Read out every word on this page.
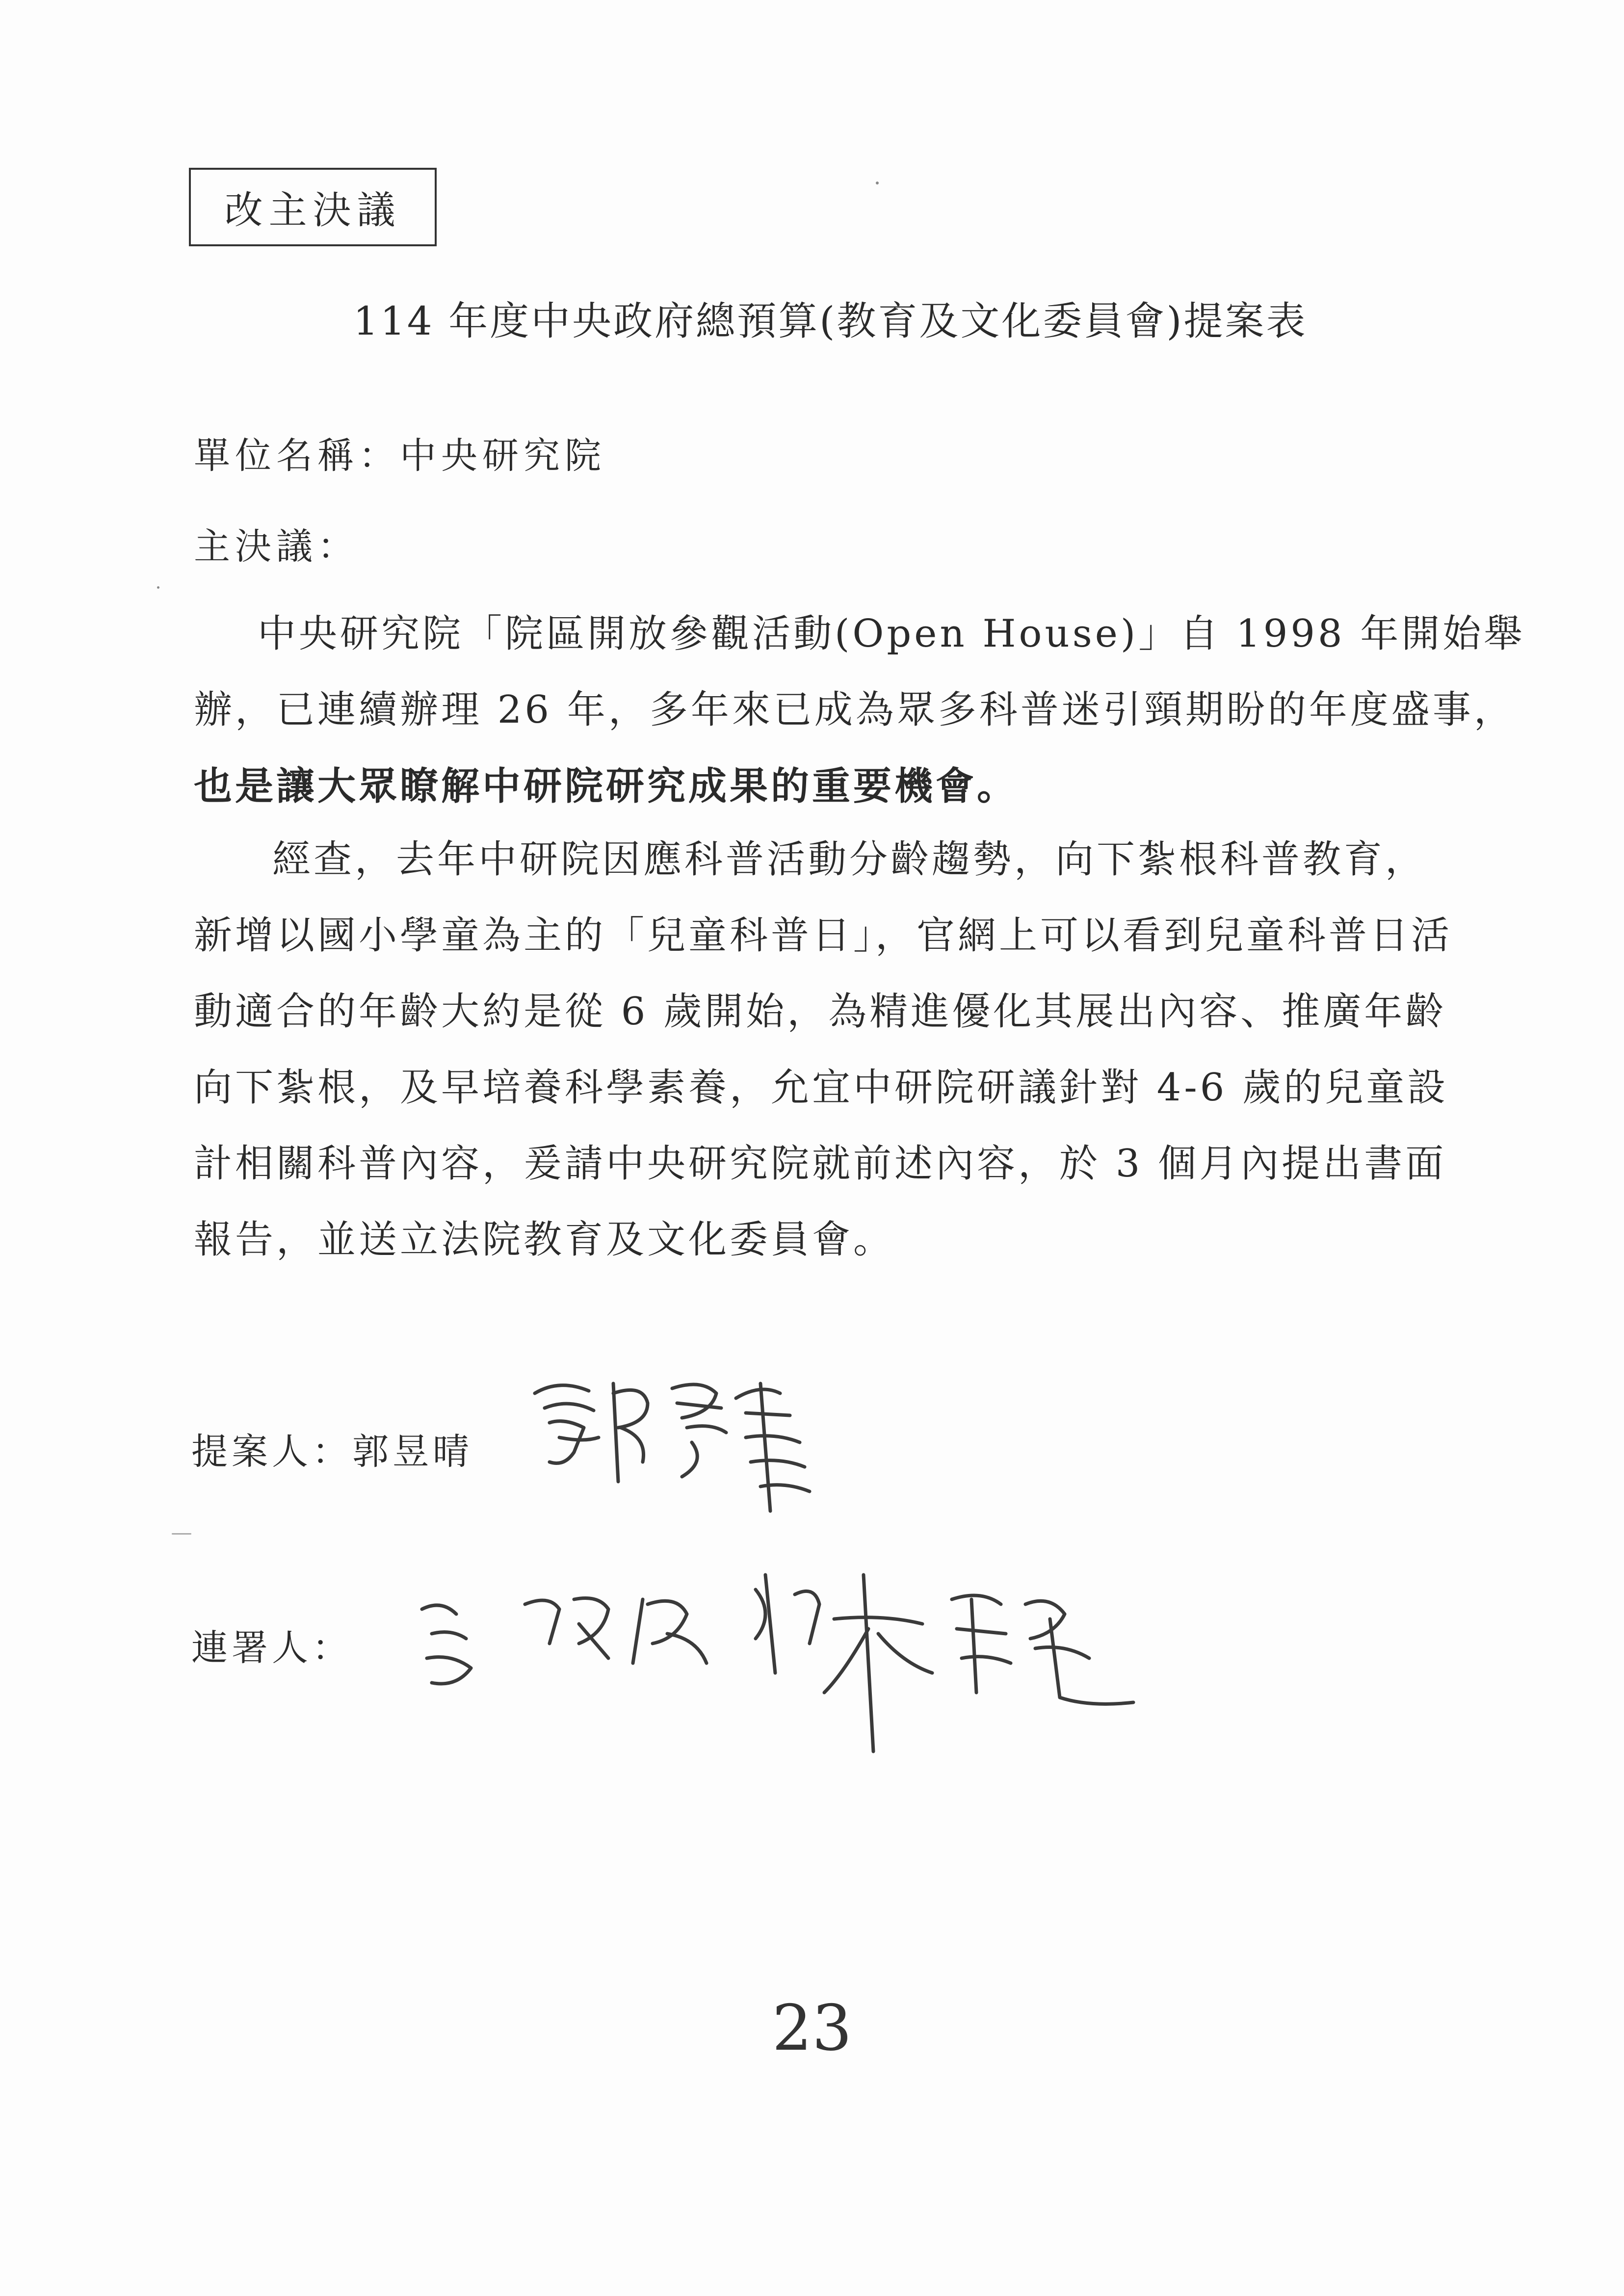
改主決議
114 年度中央政府總預算(教育及文化委員會)提案表
單位名稱：中央研究院
主決議：
中央研究院「院區開放參觀活動(Open House)」自 1998 年開始舉
辦，已連續辦理 26 年，多年來已成為眾多科普迷引頸期盼的年度盛事，
也是讓大眾瞭解中研院研究成果的重要機會。
經查，去年中研院因應科普活動分齡趨勢，向下紮根科普教育，
新增以國小學童為主的「兒童科普日」，官網上可以看到兒童科普日活
動適合的年齡大約是從 6 歲開始，為精進優化其展出內容、推廣年齡
向下紮根，及早培養科學素養，允宜中研院研議針對 4-6 歲的兒童設
計相關科普內容，爰請中央研究院就前述內容，於 3 個月內提出書面
報告，並送立法院教育及文化委員會。
提案人：郭昱晴
連署人：
23
